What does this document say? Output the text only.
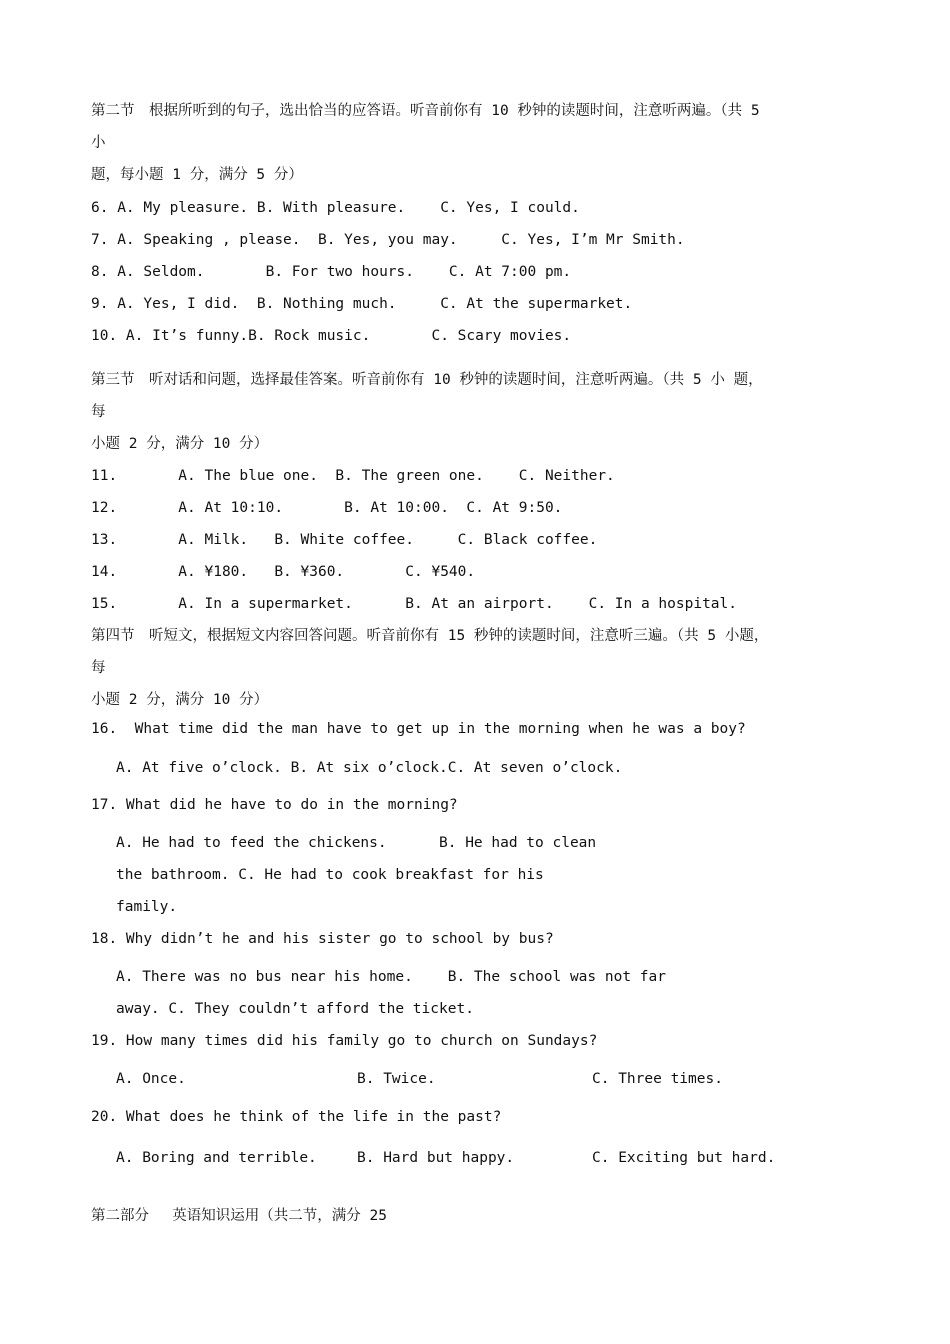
第二节　根据所听到的句子，选出恰当的应答语。听音前你有 10 秒钟的读题时间，注意听两遍。（共 5
小
题，每小题 1 分，满分 5 分）
6. A. My pleasure. B. With pleasure.    C. Yes, I could.
7. A. Speaking , please.  B. Yes, you may.     C. Yes, I’m Mr Smith.
8. A. Seldom.       B. For two hours.    C. At 7:00 pm.
9. A. Yes, I did.  B. Nothing much.     C. At the supermarket.
10. A. It’s funny.B. Rock music.       C. Scary movies.
第三节　听对话和问题，选择最佳答案。听音前你有 10 秒钟的读题时间，注意听两遍。（共 5 小 题，
每
小题 2 分，满分 10 分）
11.       A. The blue one.  B. The green one.    C. Neither.
12.       A. At 10:10.       B. At 10:00.  C. At 9:50.
13.       A. Milk.   B. White coffee.     C. Black coffee.
14.       A. ¥180.   B. ¥360.       C. ¥540.
15.       A. In a supermarket.      B. At an airport.    C. In a hospital.
第四节　听短文，根据短文内容回答问题。听音前你有 15 秒钟的读题时间，注意听三遍。（共 5 小题，
每
小题 2 分，满分 10 分）
16.  What time did the man have to get up in the morning when he was a boy?
A. At five o’clock. B. At six o’clock.C. At seven o’clock.
17. What did he have to do in the morning?
A. He had to feed the chickens.      B. He had to clean
the bathroom. C. He had to cook breakfast for his
family.
18. Why didn’t he and his sister go to school by bus?
A. There was no bus near his home.    B. The school was not far
away. C. They couldn’t afford the ticket.
19. How many times did his family go to church on Sundays?
A. Once.	B. Twice.	C. Three times.
20. What does he think of the life in the past?
A. Boring and terrible.	B. Hard but happy.	C. Exciting but hard.
第二部分　 英语知识运用（共二节，满分 25
